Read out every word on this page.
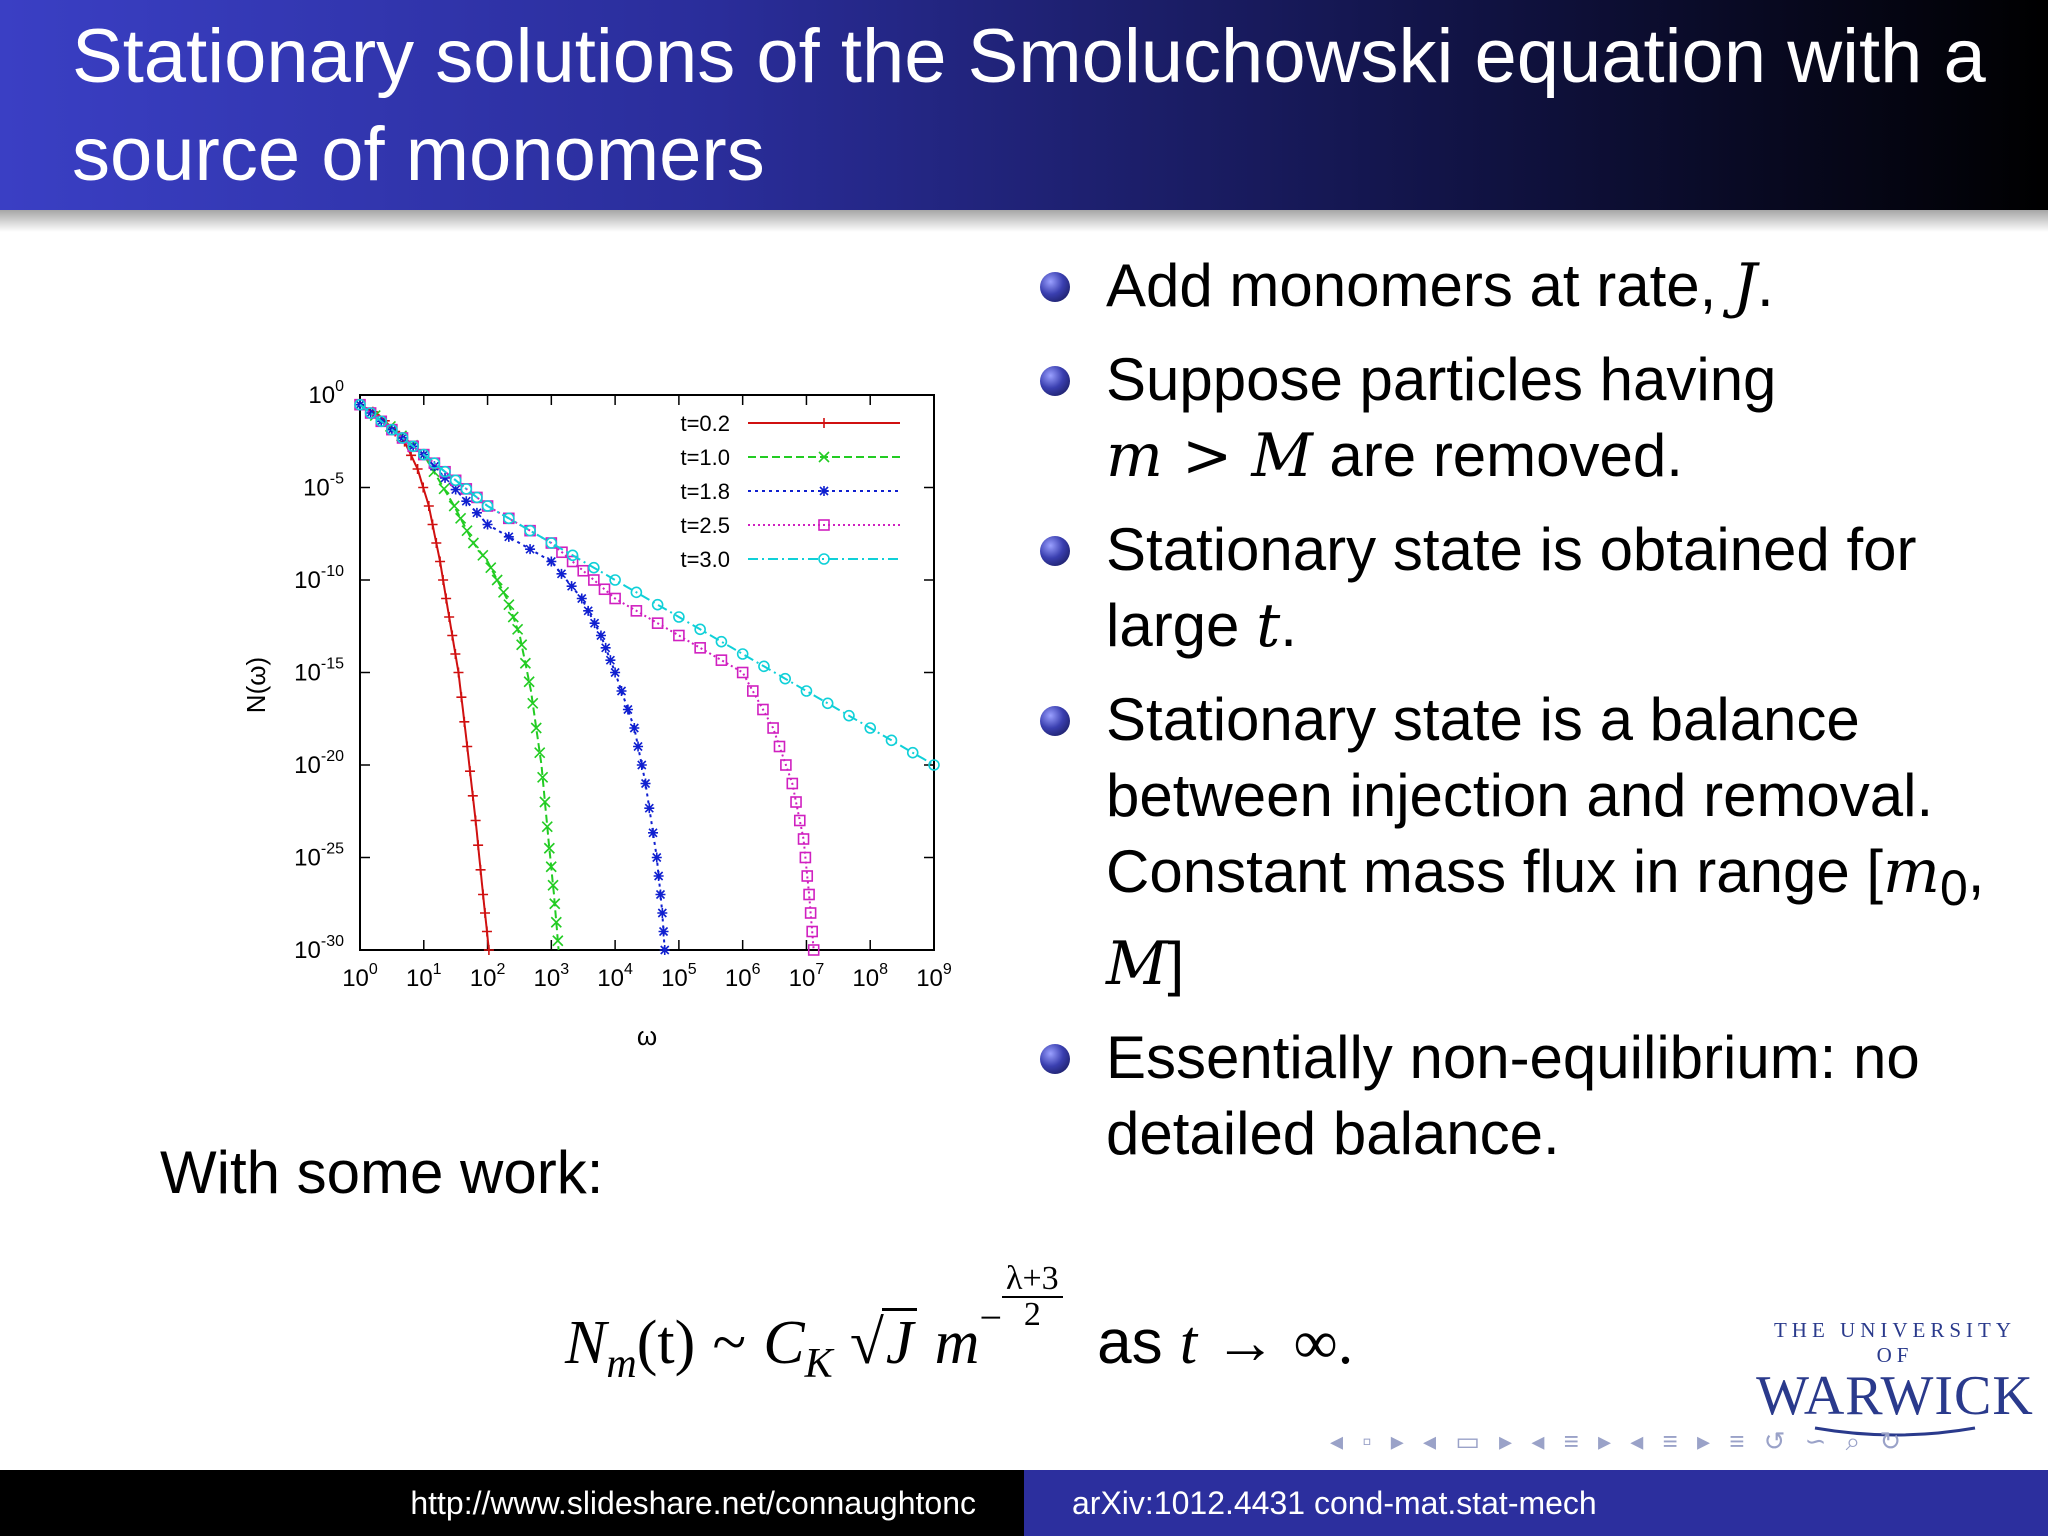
Stationary solutions of the Smoluchowski equation with a source of monomers
$10^0$ $10^1$ $10^2$ $10^3$ $10^4$ $10^5$ $10^6$ $10^7$ $10^8$ $10^9$
$10^0$
$10^{-5}$
$10^{-10}$
$10^{-15}$
$10^{-20}$
$10^{-25}$
$10^{-30}$
t=0.2
t=1.0
t=1.8
t=2.5
t=3.0
ω
N(ω)
Add monomers at rate, J.
Suppose particles having
m > M are removed.
Stationary state is obtained for large t.
Stationary state is a balance between injection and removal. Constant mass flux in range [$m_0$, M]
Essentially non-equilibrium: no detailed balance.
With some work:
$N_m(t)$ ~ $C_K$ √J $m^- \frac{\lambda+3}{2}$
as t → ∞.	THE UNIVERSITY OF
WARWICK
◂ ▫ ▸ ◂ ▭ ▸ ◂ ≡ ▸ ◂ ≡ ▸ ≡ ↺ ∽ ⌕ ↻
http://www.slideshare.net/connaughtonc	arXiv:1012.4431 cond-mat.stat-mech
